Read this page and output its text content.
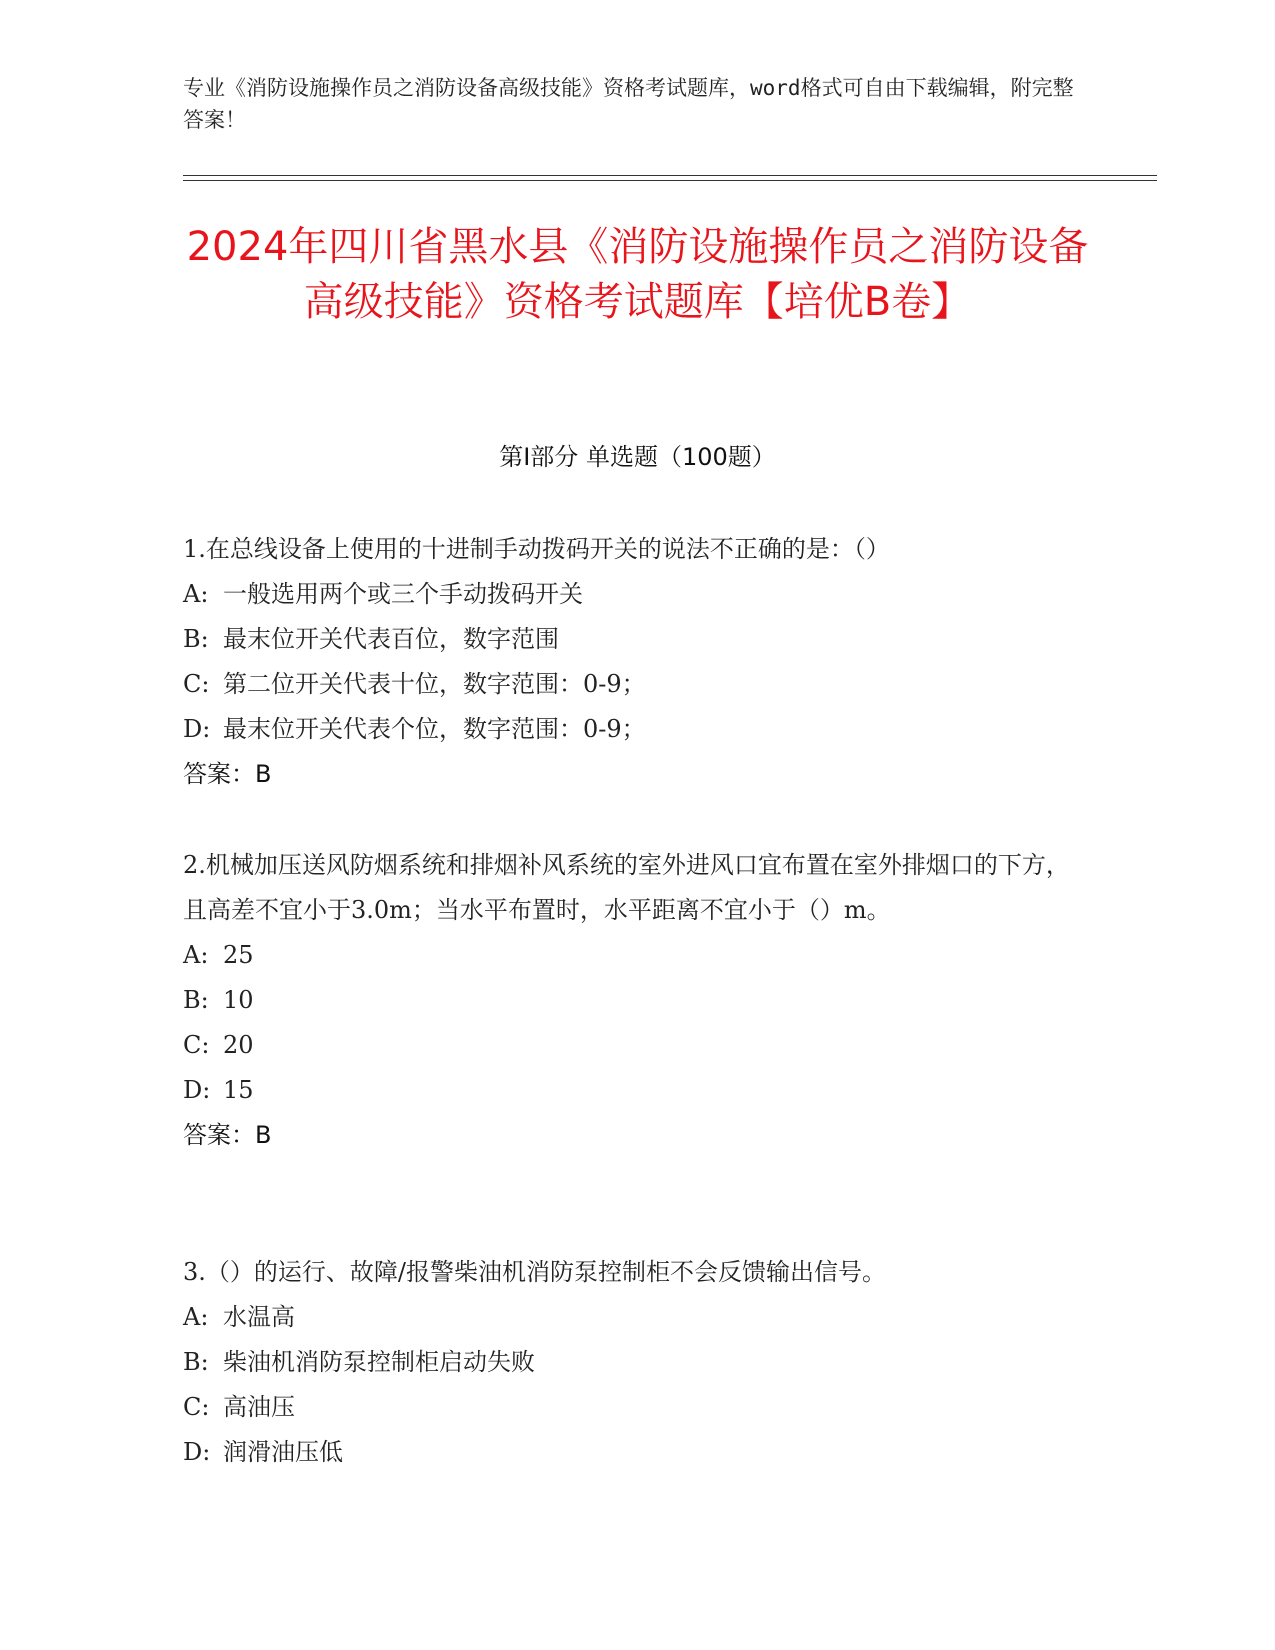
专业《消防设施操作员之消防设备高级技能》资格考试题库，word格式可自由下载编辑，附完整答案！
2024年四川省黑水县《消防设施操作员之消防设备高级技能》资格考试题库【培优B卷】
第Ⅰ部分 单选题（100题）

1.在总线设备上使用的十进制手动拨码开关的说法不正确的是：（）

A: 一般选用两个或三个手动拨码开关

B: 最末位开关代表百位，数字范围

C: 第二位开关代表十位，数字范围：0-9；

D: 最末位开关代表个位，数字范围：0-9；

答案：B

2.机械加压送风防烟系统和排烟补风系统的室外进风口宜布置在室外排烟口的下方，且高差不宜小于3.0m；当水平布置时，水平距离不宜小于（）m。

A: 25

B: 10

C: 20

D: 15

答案：B

3.（）的运行、故障/报警柴油机消防泵控制柜不会反馈输出信号。

A: 水温高

B: 柴油机消防泵控制柜启动失败

C: 高油压

D: 润滑油压低
